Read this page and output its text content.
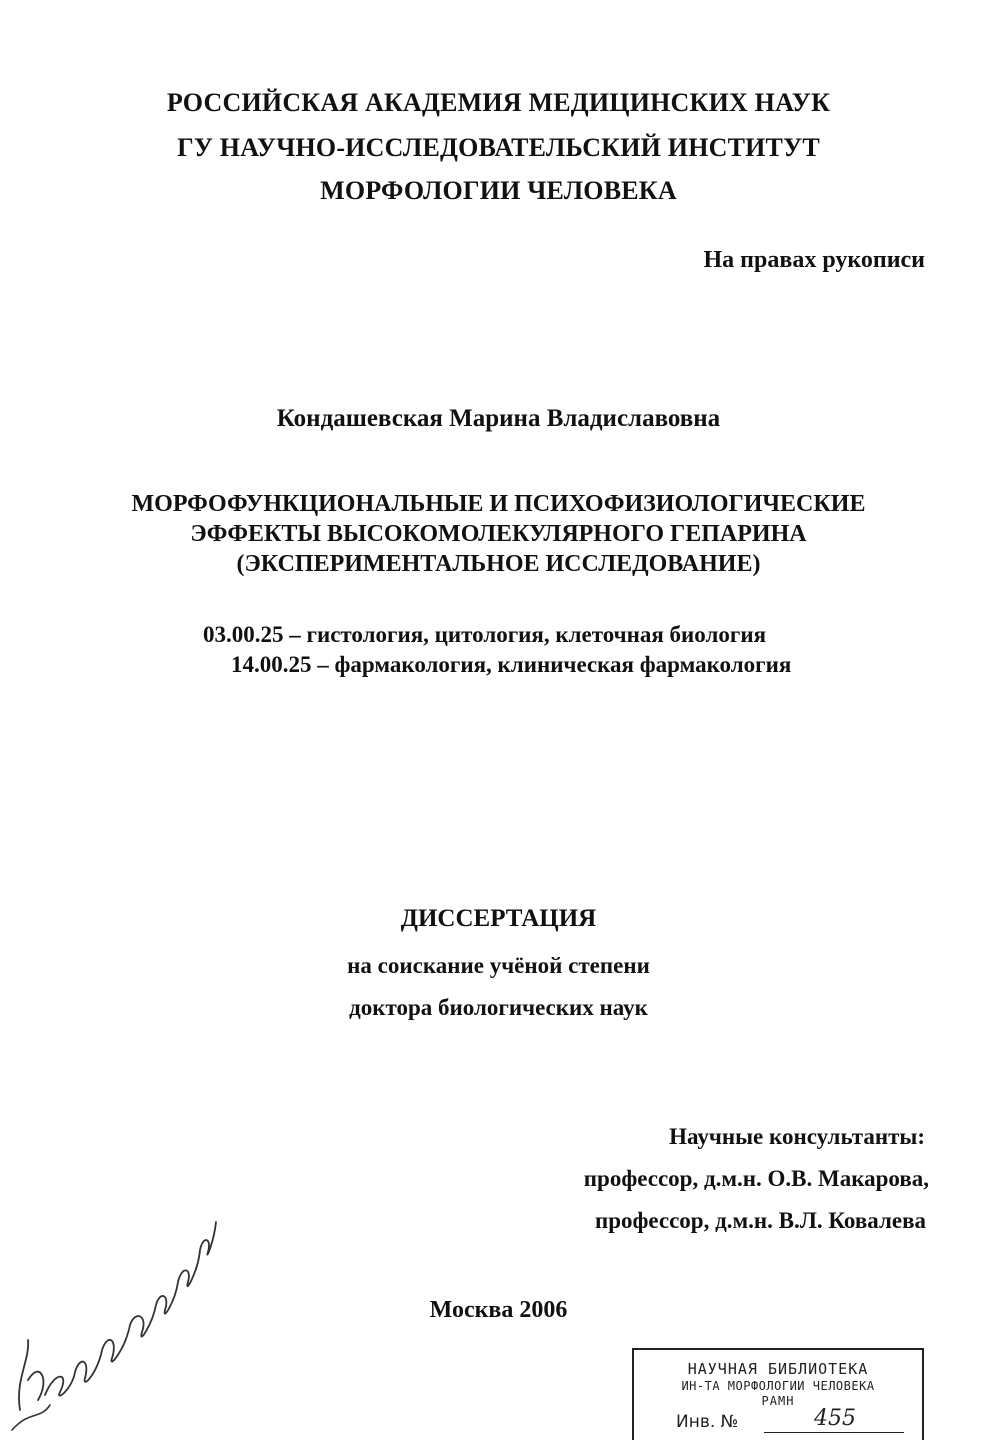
РОССИЙСКАЯ АКАДЕМИЯ МЕДИЦИНСКИХ НАУК
ГУ НАУЧНО-ИССЛЕДОВАТЕЛЬСКИЙ ИНСТИТУТ
МОРФОЛОГИИ ЧЕЛОВЕКА
На правах рукописи
Кондашевская Марина Владиславовна
МОРФОФУНКЦИОНАЛЬНЫЕ И ПСИХОФИЗИОЛОГИЧЕСКИЕ
ЭФФЕКТЫ ВЫСОКОМОЛЕКУЛЯРНОГО ГЕПАРИНА
(ЭКСПЕРИМЕНТАЛЬНОЕ ИССЛЕДОВАНИЕ)
03.00.25 – гистология, цитология, клеточная биология
14.00.25 – фармакология, клиническая фармакология
ДИССЕРТАЦИЯ
на соискание учёной степени
доктора биологических наук
Научные консультанты:
профессор, д.м.н. О.В. Макарова,
профессор, д.м.н. В.Л. Ковалева
Москва 2006
НАУЧНАЯ БИБЛИОТЕКА
ИН-ТА МОРФОЛОГИИ ЧЕЛОВЕКА
РАМН
Инв. №	455
